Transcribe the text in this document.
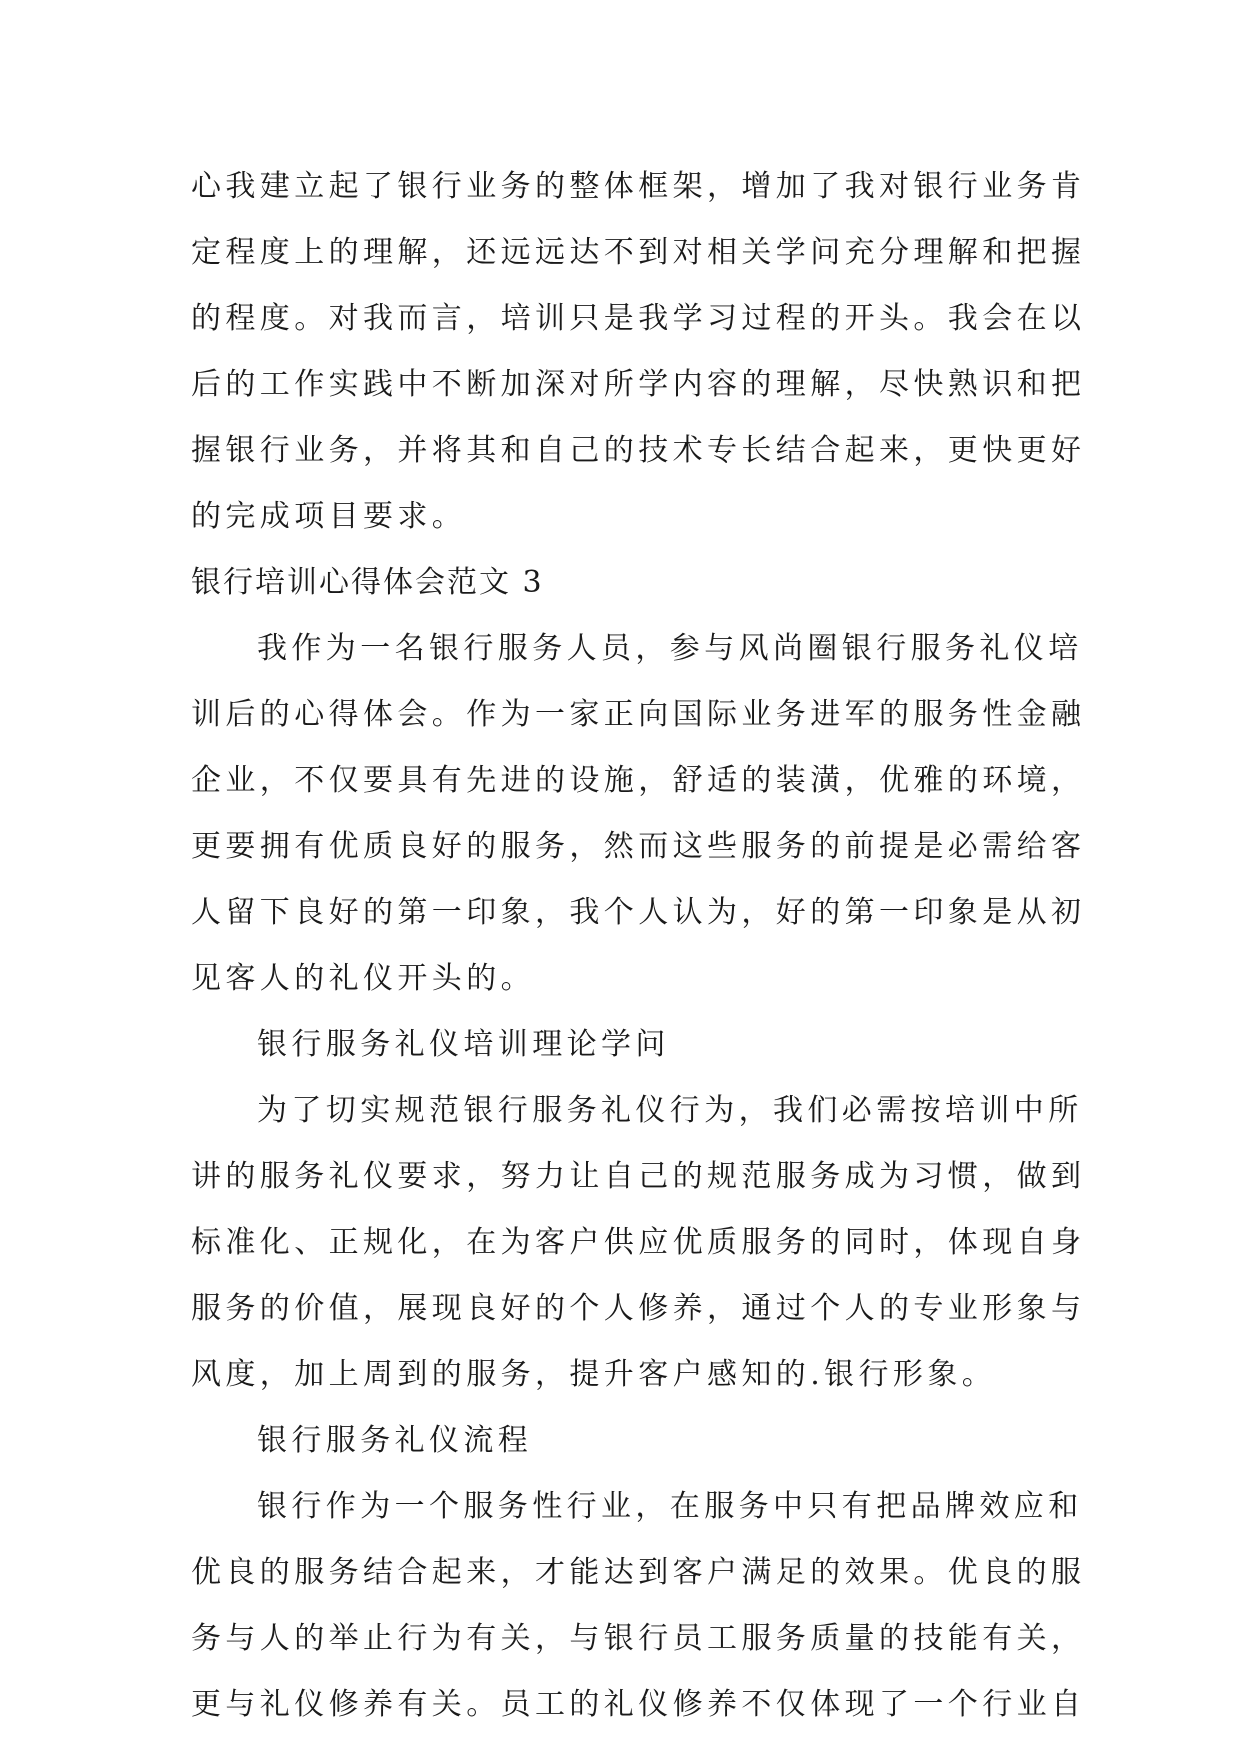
心我建立起了银行业务的整体框架，增加了我对银行业务肯
定程度上的理解，还远远达不到对相关学问充分理解和把握
的程度。对我而言，培训只是我学习过程的开头。我会在以
后的工作实践中不断加深对所学内容的理解，尽快熟识和把
握银行业务，并将其和自己的技术专长结合起来，更快更好
的完成项目要求。
银行培训心得体会范文 3
我作为一名银行服务人员，参与风尚圈银行服务礼仪培
训后的心得体会。作为一家正向国际业务进军的服务性金融
企业，不仅要具有先进的设施，舒适的装潢，优雅的环境，
更要拥有优质良好的服务，然而这些服务的前提是必需给客
人留下良好的第一印象，我个人认为，好的第一印象是从初
见客人的礼仪开头的。
银行服务礼仪培训理论学问
为了切实规范银行服务礼仪行为，我们必需按培训中所
讲的服务礼仪要求，努力让自己的规范服务成为习惯，做到
标准化、正规化，在为客户供应优质服务的同时，体现自身
服务的价值，展现良好的个人修养，通过个人的专业形象与
风度，加上周到的服务，提升客户感知的.银行形象。
银行服务礼仪流程
银行作为一个服务性行业，在服务中只有把品牌效应和
优良的服务结合起来，才能达到客户满足的效果。优良的服
务与人的举止行为有关，与银行员工服务质量的技能有关，
更与礼仪修养有关。员工的礼仪修养不仅体现了一个行业自
